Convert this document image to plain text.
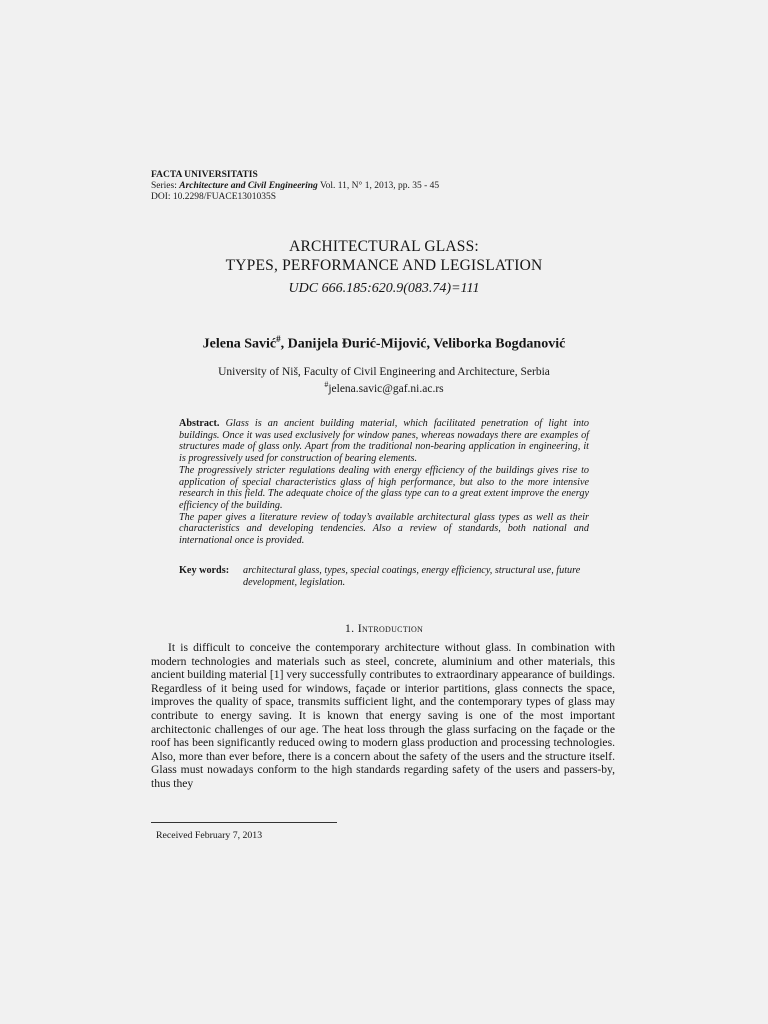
FACTA UNIVERSITATIS
Series: Architecture and Civil Engineering Vol. 11, N° 1, 2013, pp. 35 - 45
DOI: 10.2298/FUACE1301035S
ARCHITECTURAL GLASS:
TYPES, PERFORMANCE AND LEGISLATION
UDC 666.185:620.9(083.74)=111
Jelena Savić#, Danijela Đurić-Mijović, Veliborka Bogdanović
University of Niš, Faculty of Civil Engineering and Architecture, Serbia
#jelena.savic@gaf.ni.ac.rs

Abstract. Glass is an ancient building material, which facilitated penetration of light into buildings. Once it was used exclusively for window panes, whereas nowadays there are examples of structures made of glass only. Apart from the traditional non-bearing application in engineering, it is progressively used for construction of bearing elements.

The progressively stricter regulations dealing with energy efficiency of the buildings gives rise to application of special characteristics glass of high performance, but also to the more intensive research in this field. The adequate choice of the glass type can to a great extent improve the energy efficiency of the building.

The paper gives a literature review of today’s available architectural glass types as well as their characteristics and developing tendencies. Also a review of standards, both national and international once is provided.

Key words:	architectural glass, types, special coatings, energy efficiency, structural use, future development, legislation.
1. Introduction

It is difficult to conceive the contemporary architecture without glass. In combination with modern technologies and materials such as steel, concrete, aluminium and other materials, this ancient building material [1] very successfully contributes to extraordinary appearance of buildings. Regardless of it being used for windows, façade or interior partitions, glass connects the space, improves the quality of space, transmits sufficient light, and the contemporary types of glass may contribute to energy saving. It is known that energy saving is one of the most important architectonic challenges of our age. The heat loss through the glass surfacing on the façade or the roof has been significantly reduced owing to modern glass production and processing technologies. Also, more than ever before, there is a concern about the safety of the users and the structure itself. Glass must nowadays conform to the high standards regarding safety of the users and passers-by, thus they

Received February 7, 2013
